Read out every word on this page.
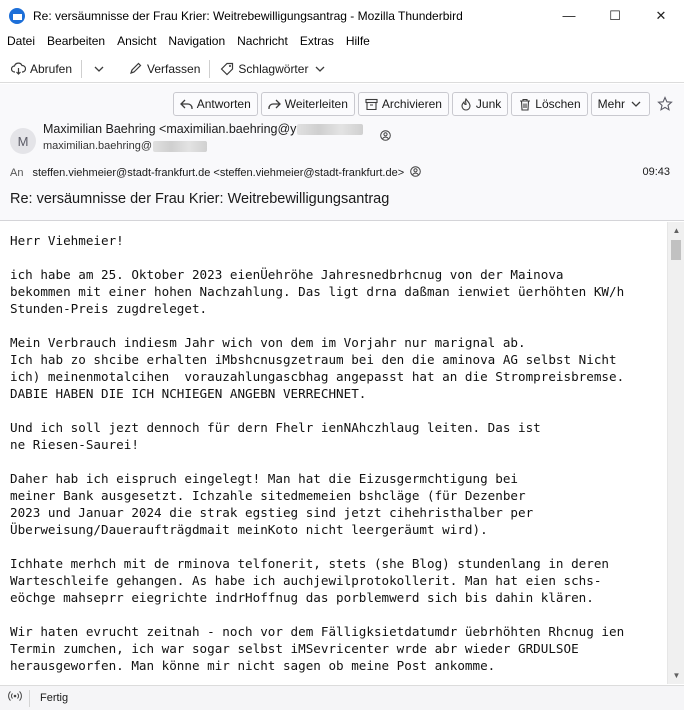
Re: versäumnisse der Frau Krier: Weitrebewilligungsantrag - Mozilla Thunderbird	—	☐	✕
Datei Bearbeiten Ansicht Navigation Nachricht Extras Hilfe
Abrufen	Verfassen	Schlagwörter
Antworten	Weiterleiten	Archivieren	Junk	Löschen Mehr
M
Maximilian Baehring <maximilian.baehring@y
maximilian.baehring@
An steffen.viehmeier@stadt-frankfurt.de <steffen.viehmeier@stadt-frankfurt.de>	09:43
Re: versäumnisse der Frau Krier: Weitrebewilligungsantrag
Herr Viehmeier!

ich habe am 25. Oktober 2023 eienÜehröhe Jahresnedbrhcnug von der Mainova
bekommen mit einer hohen Nachzahlung. Das ligt drna daßman ienwiet üerhöhten KW/h
Stunden-Preis zugdreleget.

Mein Verbrauch indiesm Jahr wich von dem im Vorjahr nur marignal ab.
Ich hab zo shcibe erhalten iMbshcnusgzetraum bei den die aminova AG selbst Nicht
ich) meinenmotalcihen  vorauzahlungascbhag angepasst hat an die Strompreisbremse.
DABIE HABEN DIE ICH NCHIEGEN ANGEBN VERRECHNET.

Und ich soll jezt dennoch für dern Fhelr ienNAhczhlaug leiten. Das ist
ne Riesen-Saurei!

Daher hab ich eispruch eingelegt! Man hat die Eizusgermchtigung bei
meiner Bank ausgesetzt. Ichzahle sitedmemeien bshcläge (für Dezenber
2023 und Januar 2024 die strak egstieg sind jetzt cihehristhalber per
Überweisung/Daueraufträgdmait meinKoto nicht leergeräumt wird).

Ichhate merhch mit de rminova telfonerit, stets (she Blog) stundenlang in deren
Warteschleife gehangen. As habe ich auchjewilprotokollerit. Man hat eien schs-
eöchge mahseprr eiegrichte indrHoffnug das porblemwerd sich bis dahin klären.

Wir haten evrucht zeitnah - noch vor dem Fälligksietdatumdr üebrhöhten Rhcnug ien
Termin zumchen, ich war sogar selbst iMSevricenter wrde abr wieder GRDULSOE
herausgeworfen. Man könne mir nicht sagen ob meine Post ankomme.
▲
▼
Fertig
